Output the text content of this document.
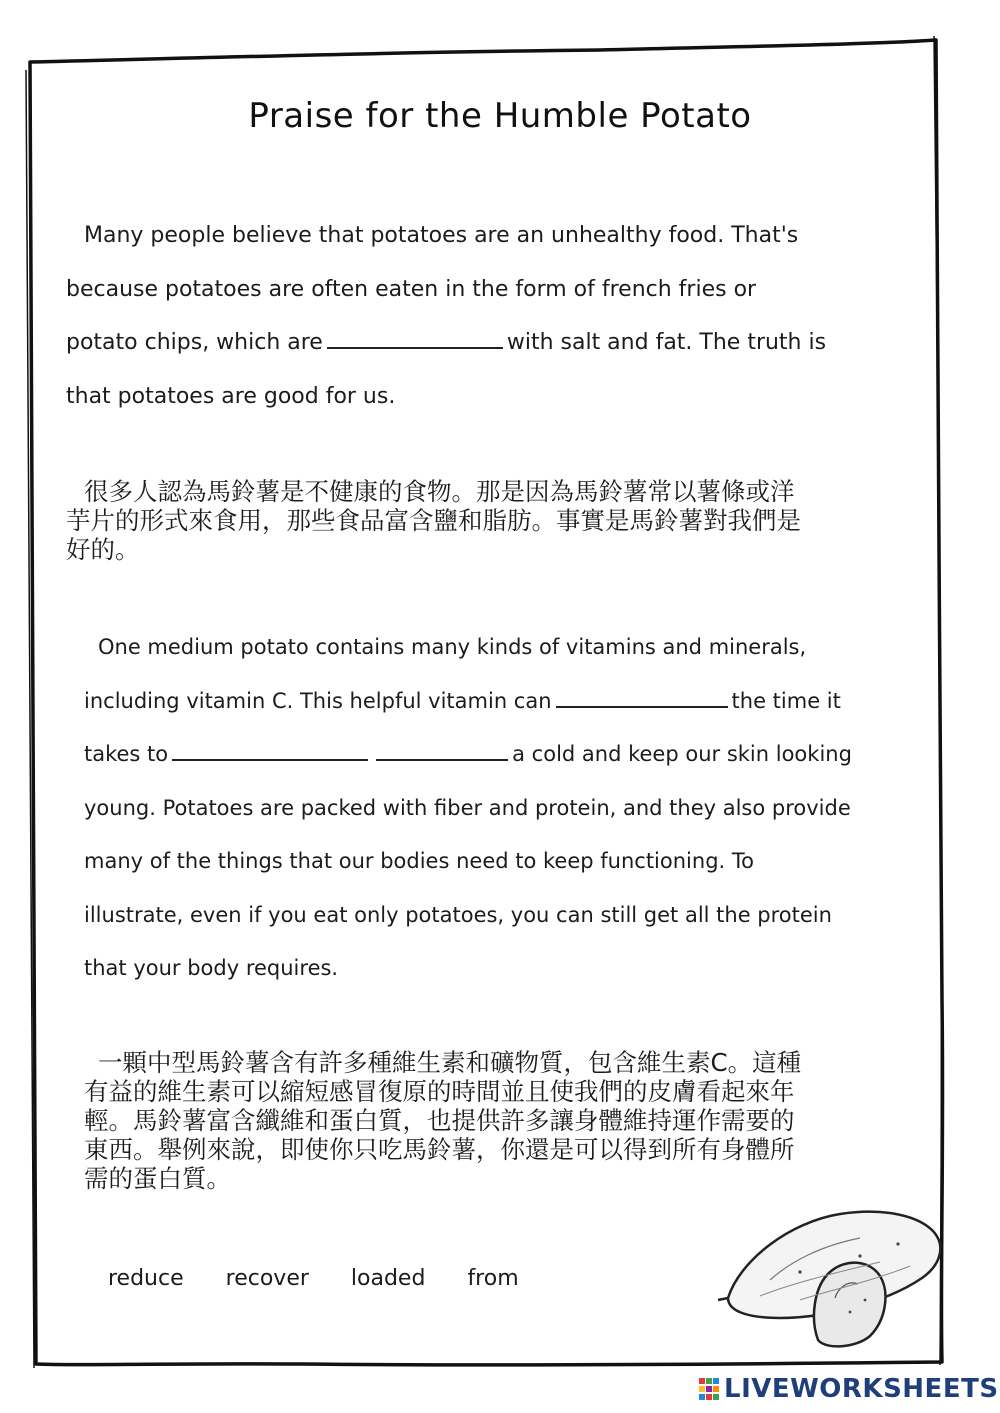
Praise for the Humble Potato
Many people believe that potatoes are an unhealthy food. That's
because potatoes are often eaten in the form of french fries or
potato chips, which are	with salt and fat. The truth is
that potatoes are good for us.
很多人認為馬鈴薯是不健康的食物。那是因為馬鈴薯常以薯條或洋
芋片的形式來食用，那些食品富含鹽和脂肪。事實是馬鈴薯對我們是
好的。
One medium potato contains many kinds of vitamins and minerals,
including vitamin C. This helpful vitamin can	the time it
takes to	a cold and keep our skin looking
young. Potatoes are packed with fiber and protein, and they also provide
many of the things that our bodies need to keep functioning. To
illustrate, even if you eat only potatoes, you can still get all the protein
that your body requires.
一顆中型馬鈴薯含有許多種維生素和礦物質，包含維生素C。這種
有益的維生素可以縮短感冒復原的時間並且使我們的皮膚看起來年
輕。馬鈴薯富含纖維和蛋白質，也提供許多讓身體維持運作需要的
東西。舉例來說，即使你只吃馬鈴薯，你還是可以得到所有身體所
需的蛋白質。
reduce recover loaded from
LIVEWORKSHEETS
